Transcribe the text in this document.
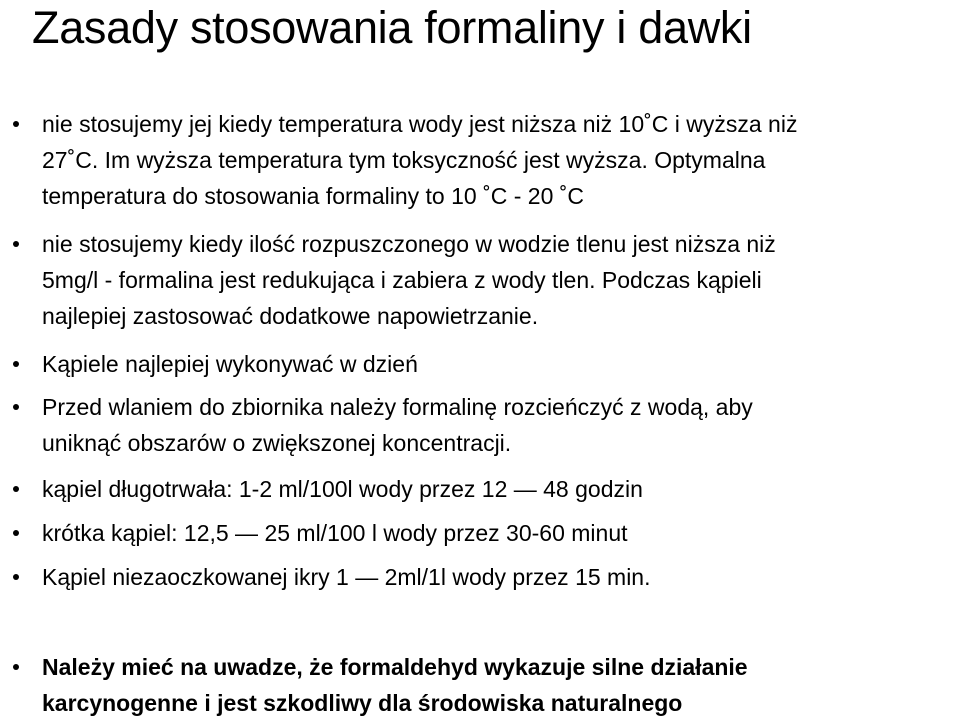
Zasady stosowania formaliny i dawki
nie stosujemy jej kiedy temperatura wody jest niższa niż 10˚C i wyższa niż
27˚C. Im wyższa temperatura tym toksyczność jest wyższa. Optymalna
temperatura do stosowania formaliny to 10 ˚C - 20 ˚C
nie stosujemy kiedy ilość rozpuszczonego w wodzie tlenu jest niższa niż
5mg/l - formalina jest redukująca i zabiera z wody tlen. Podczas kąpieli
najlepiej zastosować dodatkowe napowietrzanie.
Kąpiele najlepiej wykonywać w dzień
Przed wlaniem do zbiornika należy formalinę rozcieńczyć z wodą, aby
uniknąć obszarów o zwiększonej koncentracji.
kąpiel długotrwała: 1-2 ml/100l wody przez 12 — 48 godzin
krótka kąpiel: 12,5 — 25 ml/100 l wody przez 30-60 minut
Kąpiel niezaoczkowanej ikry 1 — 2ml/1l wody przez 15 min.
Należy mieć na uwadze, że formaldehyd wykazuje silne działanie
karcynogenne i jest szkodliwy dla środowiska naturalnego
